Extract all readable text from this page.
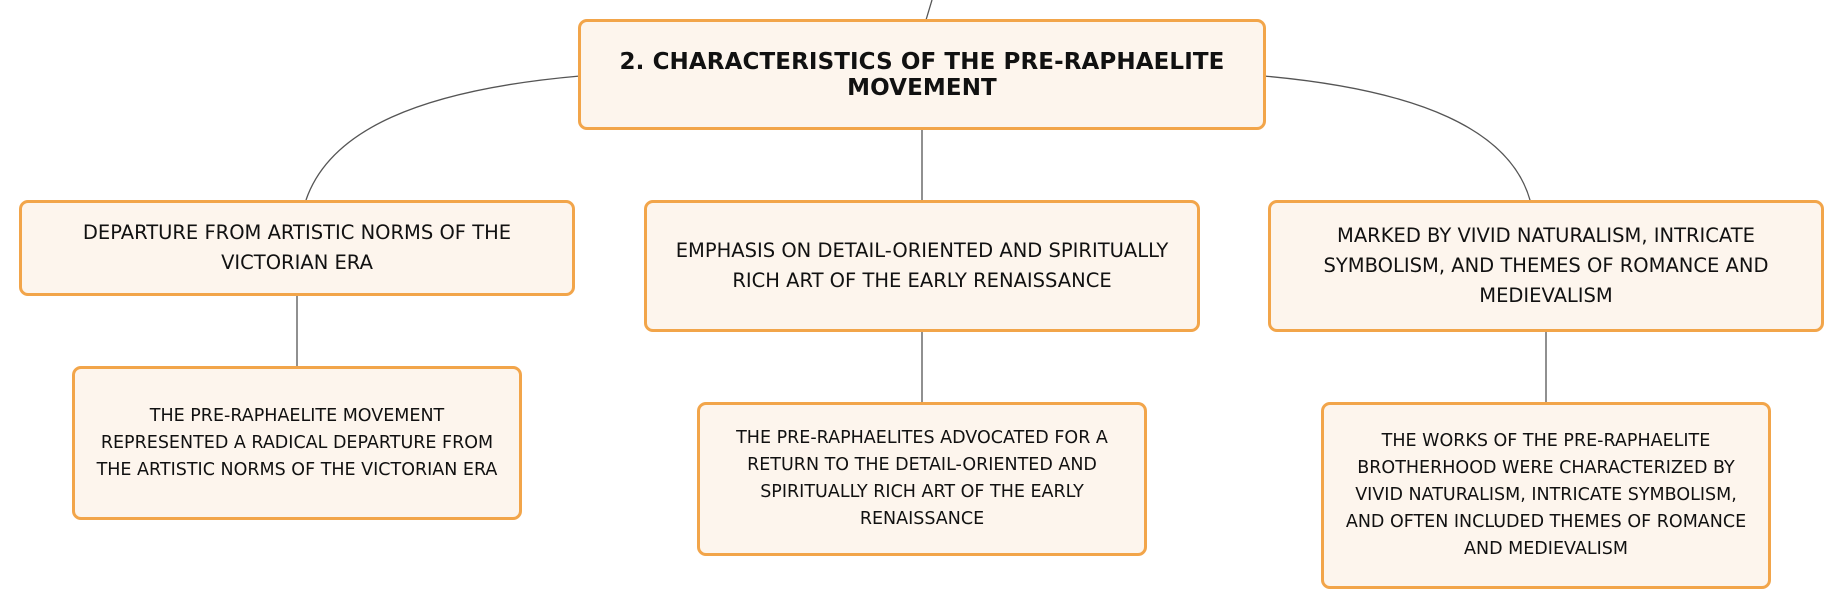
2. CHARACTERISTICS OF THE PRE-RAPHAELITE MOVEMENT
DEPARTURE FROM ARTISTIC NORMS OF THE VICTORIAN ERA
EMPHASIS ON DETAIL-ORIENTED AND SPIRITUALLY RICH ART OF THE EARLY RENAISSANCE
MARKED BY VIVID NATURALISM, INTRICATE SYMBOLISM, AND THEMES OF ROMANCE AND MEDIEVALISM
THE PRE-RAPHAELITE MOVEMENT REPRESENTED A RADICAL DEPARTURE FROM THE ARTISTIC NORMS OF THE VICTORIAN ERA
THE PRE-RAPHAELITES ADVOCATED FOR A RETURN TO THE DETAIL-ORIENTED AND SPIRITUALLY RICH ART OF THE EARLY RENAISSANCE
THE WORKS OF THE PRE-RAPHAELITE BROTHERHOOD WERE CHARACTERIZED BY VIVID NATURALISM, INTRICATE SYMBOLISM, AND OFTEN INCLUDED THEMES OF ROMANCE AND MEDIEVALISM
